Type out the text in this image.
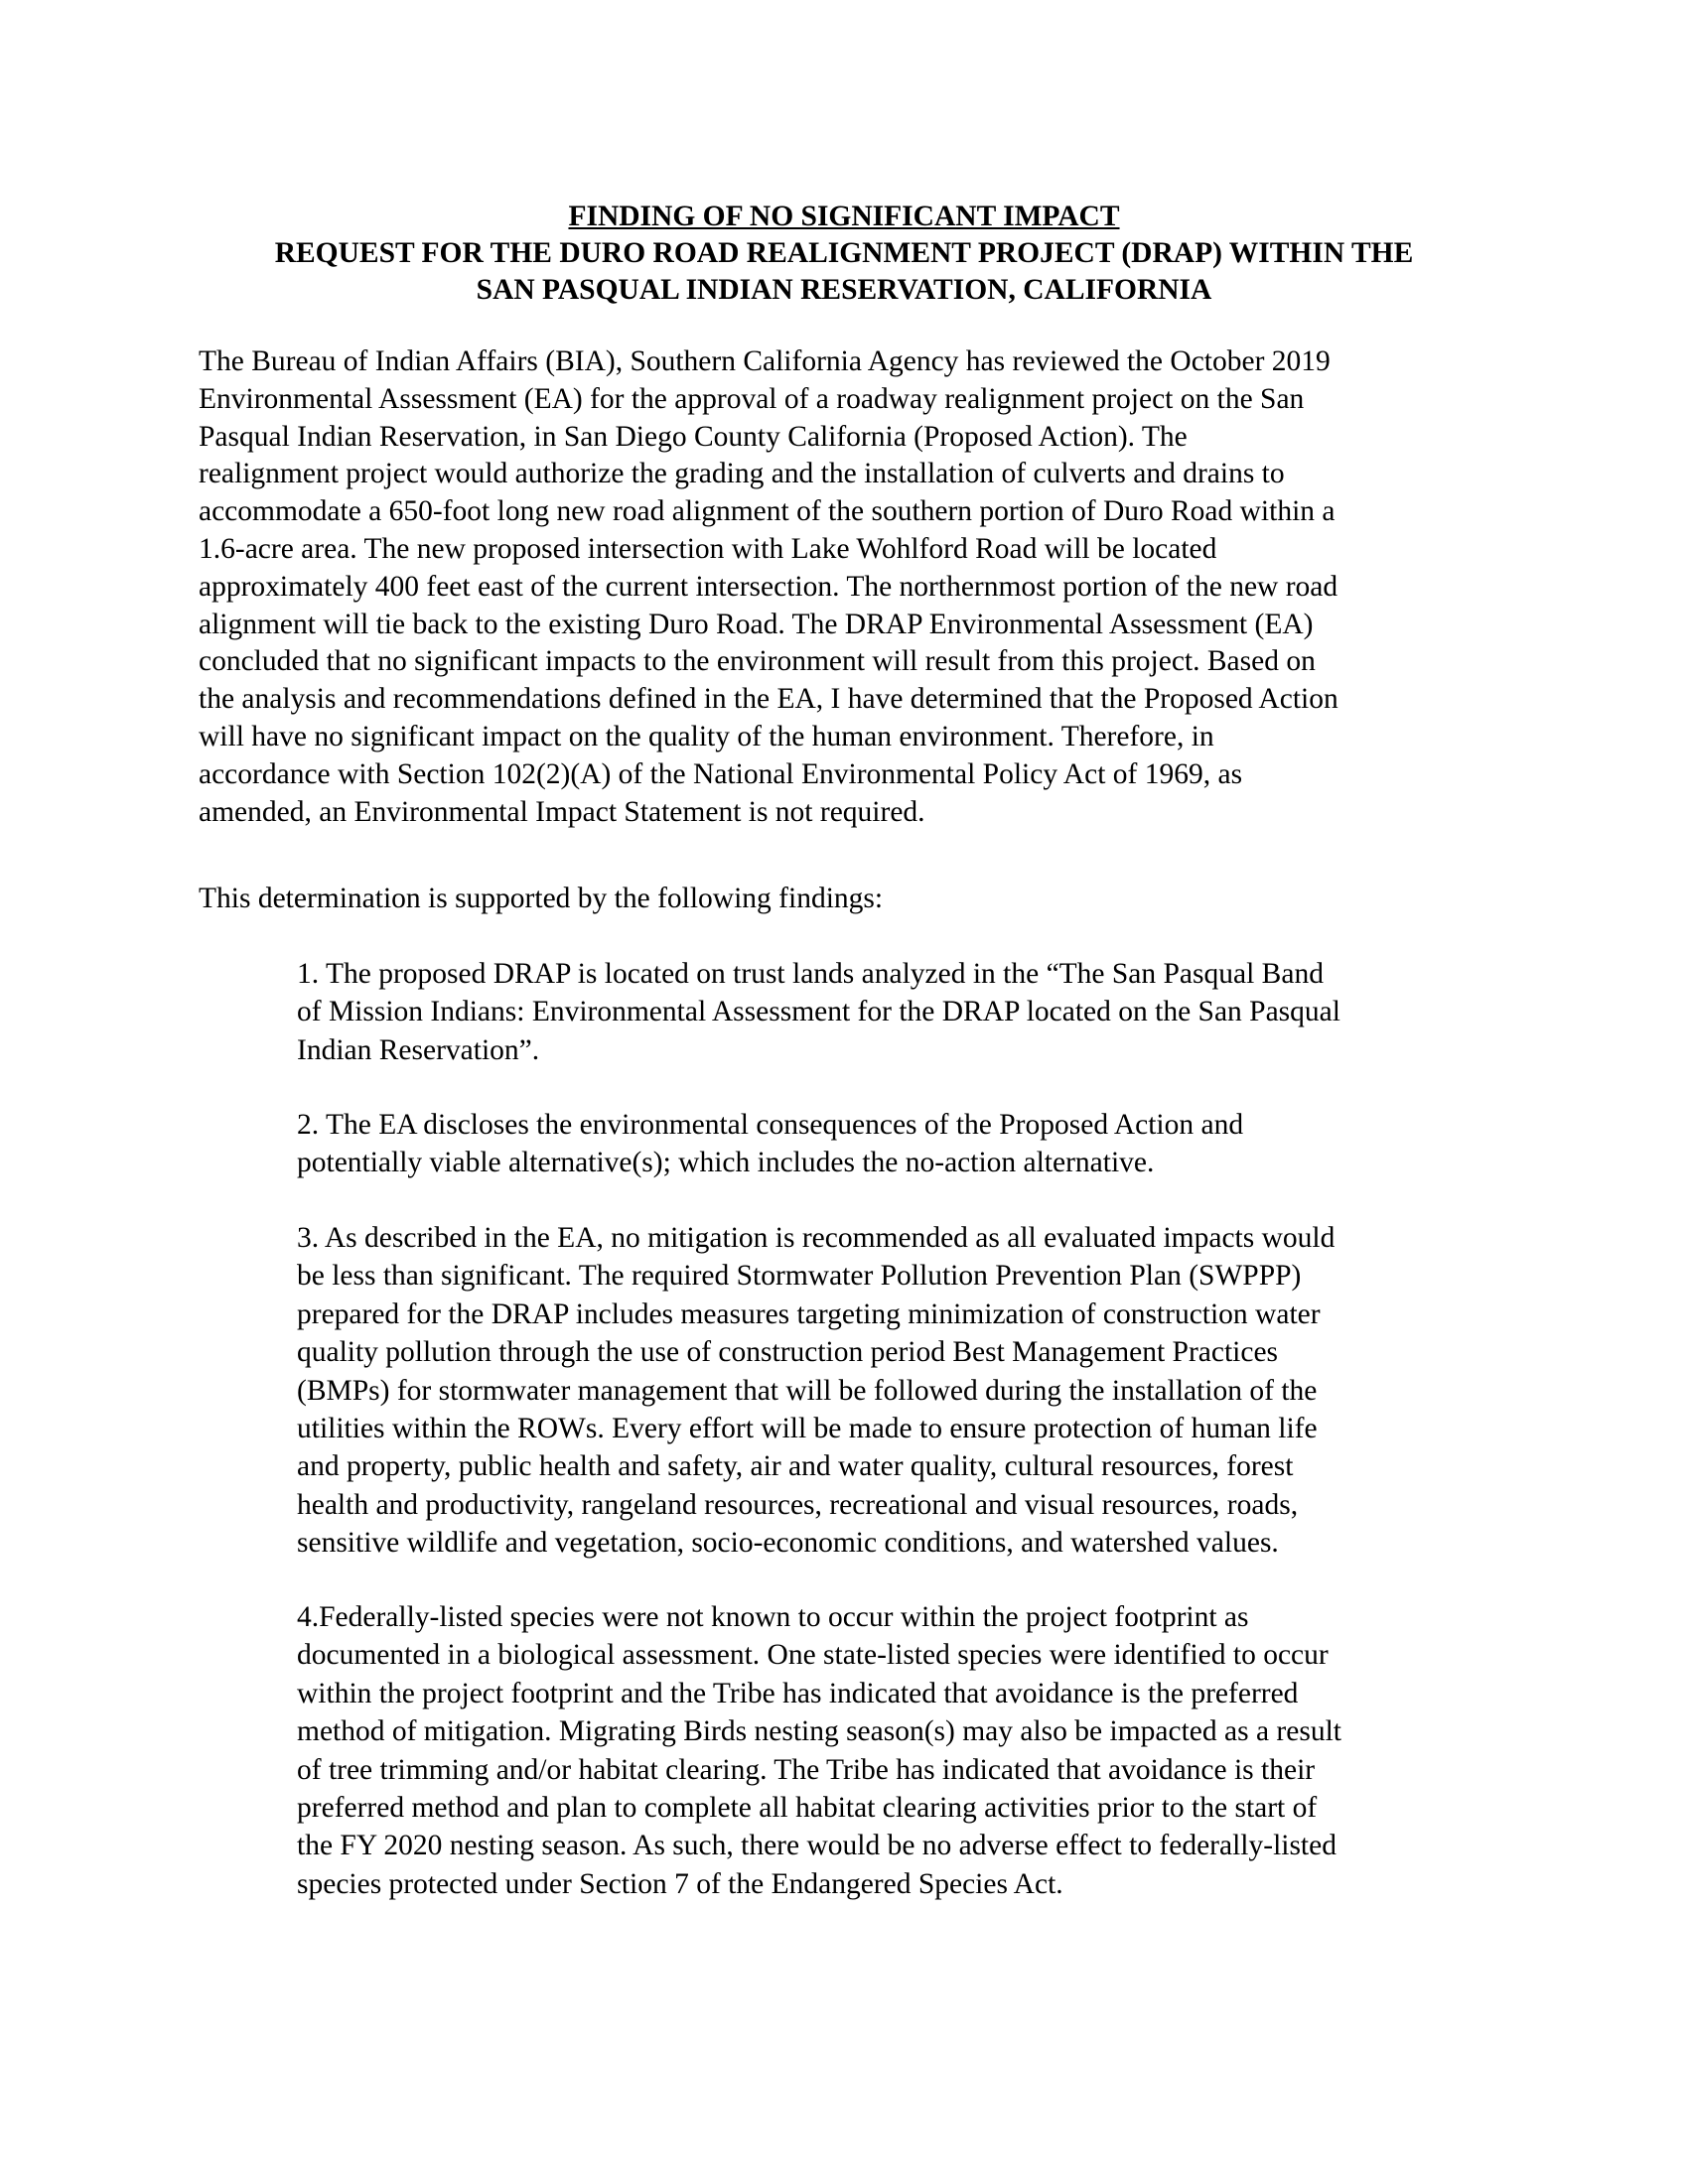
FINDING OF NO SIGNIFICANT IMPACT
REQUEST FOR THE DURO ROAD REALIGNMENT PROJECT (DRAP) WITHIN THE
SAN PASQUAL INDIAN RESERVATION, CALIFORNIA

The Bureau of Indian Affairs (BIA), Southern California Agency has reviewed the October 2019
Environmental Assessment (EA) for the approval of a roadway realignment project on the San
Pasqual Indian Reservation, in San Diego County California (Proposed Action). The
realignment project would authorize the grading and the installation of culverts and drains to
accommodate a 650-foot long new road alignment of the southern portion of Duro Road within a
1.6-acre area. The new proposed intersection with Lake Wohlford Road will be located
approximately 400 feet east of the current intersection. The northernmost portion of the new road
alignment will tie back to the existing Duro Road. The DRAP Environmental Assessment (EA)
concluded that no significant impacts to the environment will result from this project. Based on
the analysis and recommendations defined in the EA, I have determined that the Proposed Action
will have no significant impact on the quality of the human environment. Therefore, in
accordance with Section 102(2)(A) of the National Environmental Policy Act of 1969, as
amended, an Environmental Impact Statement is not required.

This determination is supported by the following findings:

1. The proposed DRAP is located on trust lands analyzed in the “The San Pasqual Band
of Mission Indians: Environmental Assessment for the DRAP located on the San Pasqual
Indian Reservation”.

2. The EA discloses the environmental consequences of the Proposed Action and
potentially viable alternative(s); which includes the no-action alternative.

3. As described in the EA, no mitigation is recommended as all evaluated impacts would
be less than significant. The required Stormwater Pollution Prevention Plan (SWPPP)
prepared for the DRAP includes measures targeting minimization of construction water
quality pollution through the use of construction period Best Management Practices
(BMPs) for stormwater management that will be followed during the installation of the
utilities within the ROWs. Every effort will be made to ensure protection of human life
and property, public health and safety, air and water quality, cultural resources, forest
health and productivity, rangeland resources, recreational and visual resources, roads,
sensitive wildlife and vegetation, socio-economic conditions, and watershed values.

4.Federally-listed species were not known to occur within the project footprint as
documented in a biological assessment. One state-listed species were identified to occur
within the project footprint and the Tribe has indicated that avoidance is the preferred
method of mitigation. Migrating Birds nesting season(s) may also be impacted as a result
of tree trimming and/or habitat clearing. The Tribe has indicated that avoidance is their
preferred method and plan to complete all habitat clearing activities prior to the start of
the FY 2020 nesting season. As such, there would be no adverse effect to federally-listed
species protected under Section 7 of the Endangered Species Act.
